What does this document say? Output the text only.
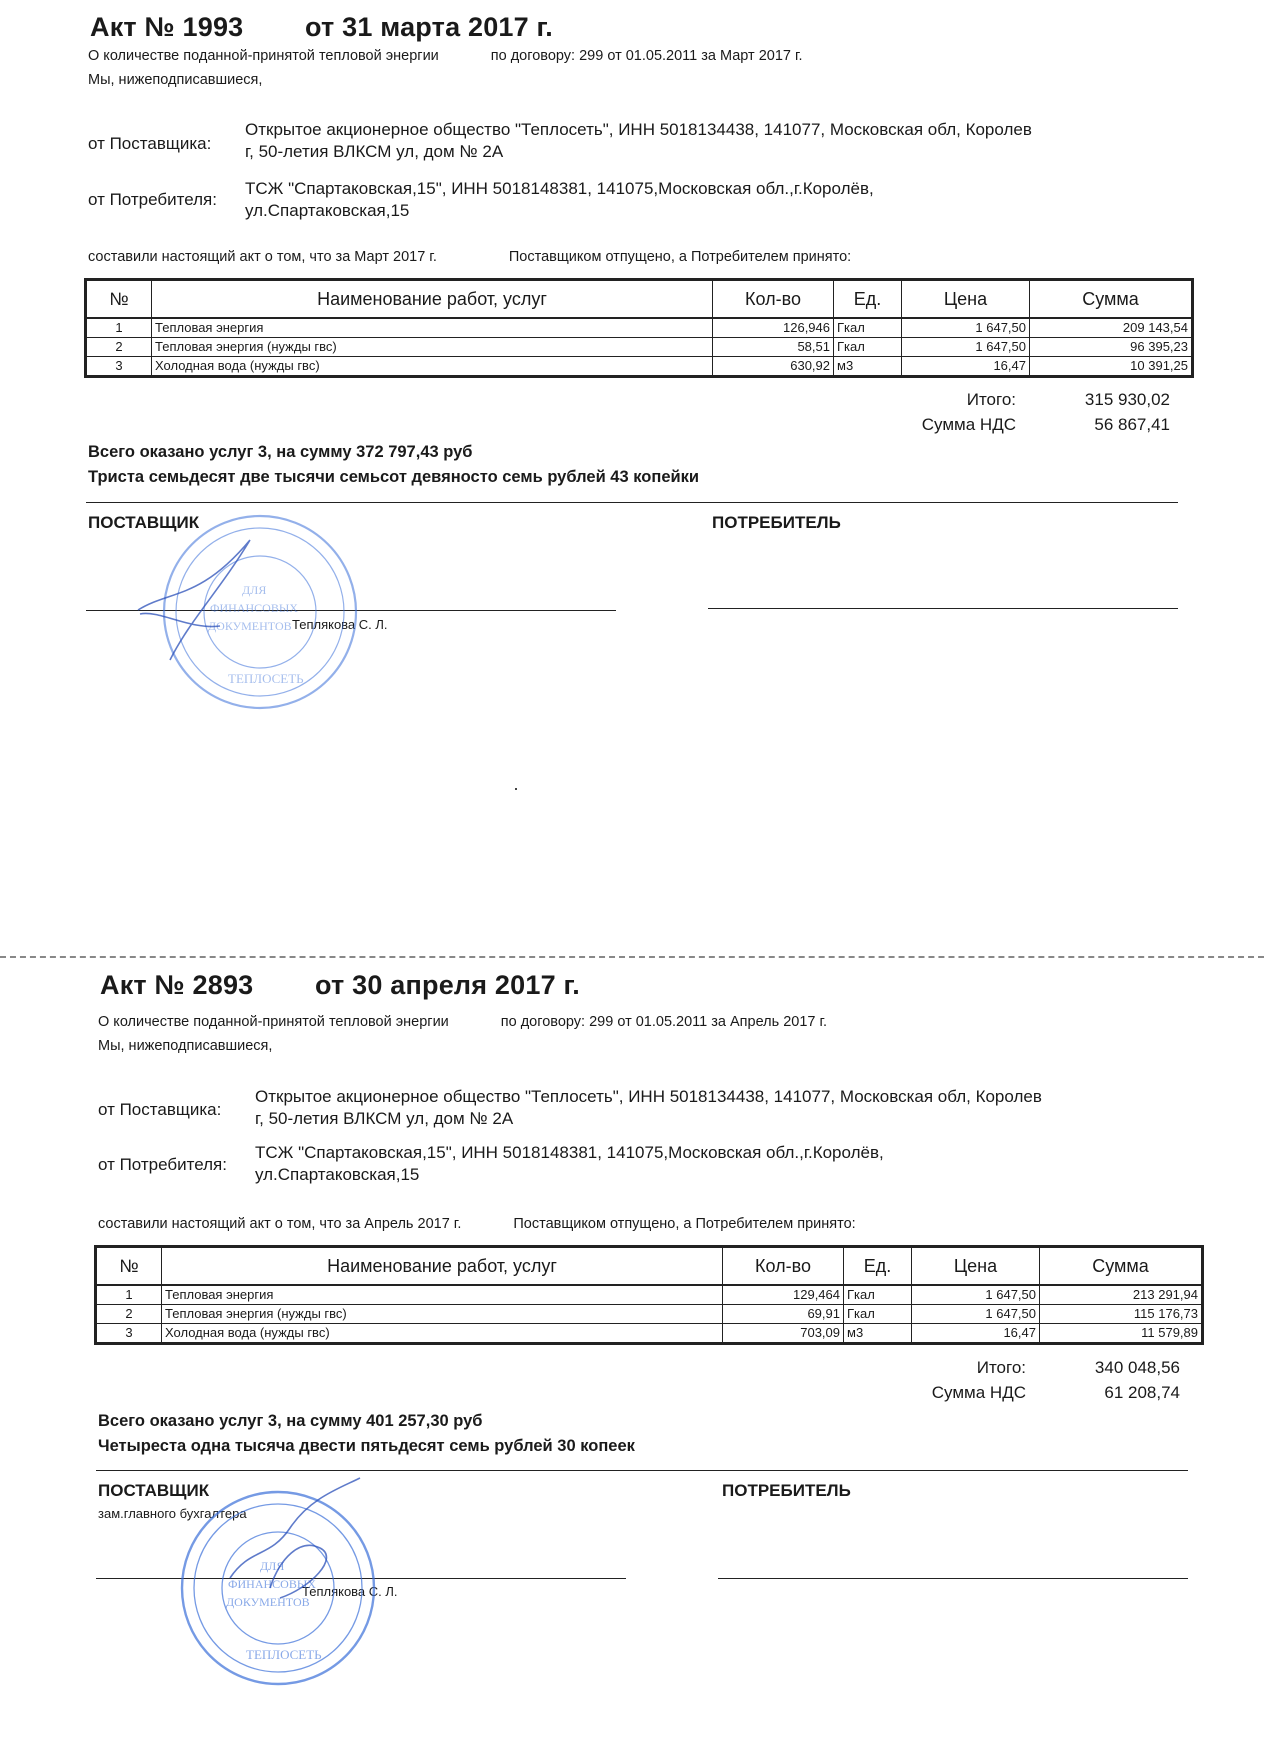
Акт № 1993 от 31 марта 2017 г.
О количестве поданной-принятой тепловой энергии	по договору: 299 от 01.05.2011 за Март 2017 г.
Мы, нижеподписавшиеся,
от Поставщика:
Открытое акционерное общество "Теплосеть", ИНН 5018134438, 141077, Московская обл, Королев
г, 50-летия ВЛКСМ ул, дом № 2А
от Потребителя:
ТСЖ "Спартаковская,15", ИНН 5018148381, 141075,Московская обл.,г.Королёв,
ул.Спартаковская,15
составили настоящий акт о том, что за Март 2017 г.	Поставщиком отпущено, а Потребителем принято:
№	Наименование работ, услуг	Кол-во	Ед.	Цена	Сумма
1	Тепловая энергия	126,946	Гкал	1 647,50	209 143,54
2	Тепловая энергия (нужды гвс)	58,51	Гкал	1 647,50	96 395,23
3	Холодная вода (нужды гвс)	630,92	м3	16,47	10 391,25
Итого:	315 930,02
Сумма НДС	56 867,41
Всего оказано услуг 3, на сумму 372 797,43 руб
Триста семьдесят две тысячи семьсот девяносто семь рублей 43 копейки
ПОСТАВЩИК	ПОТРЕБИТЕЛЬ
Теплякова С. Л.
ДЛЯ
ФИНАНСОВЫХ
ДОКУМЕНТОВ
ТЕПЛОСЕТЬ
Акт № 2893 от 30 апреля 2017 г.
О количестве поданной-принятой тепловой энергии	по договору: 299 от 01.05.2011 за Апрель 2017 г.
Мы, нижеподписавшиеся,
от Поставщика:
Открытое акционерное общество "Теплосеть", ИНН 5018134438, 141077, Московская обл, Королев
г, 50-летия ВЛКСМ ул, дом № 2А
от Потребителя:
ТСЖ "Спартаковская,15", ИНН 5018148381, 141075,Московская обл.,г.Королёв,
ул.Спартаковская,15
составили настоящий акт о том, что за Апрель 2017 г.	Поставщиком отпущено, а Потребителем принято:
№	Наименование работ, услуг	Кол-во	Ед.	Цена	Сумма
1	Тепловая энергия	129,464	Гкал	1 647,50	213 291,94
2	Тепловая энергия (нужды гвс)	69,91	Гкал	1 647,50	115 176,73
3	Холодная вода (нужды гвс)	703,09	м3	16,47	11 579,89
Итого:	340 048,56
Сумма НДС	61 208,74
Всего оказано услуг 3, на сумму 401 257,30 руб
Четыреста одна тысяча двести пятьдесят семь рублей 30 копеек
ПОСТАВЩИК	ПОТРЕБИТЕЛЬ
зам.главного бухгалтера
Теплякова С. Л.
ДЛЯ
ФИНАНСОВЫХ
ДОКУМЕНТОВ
ТЕПЛОСЕТЬ
